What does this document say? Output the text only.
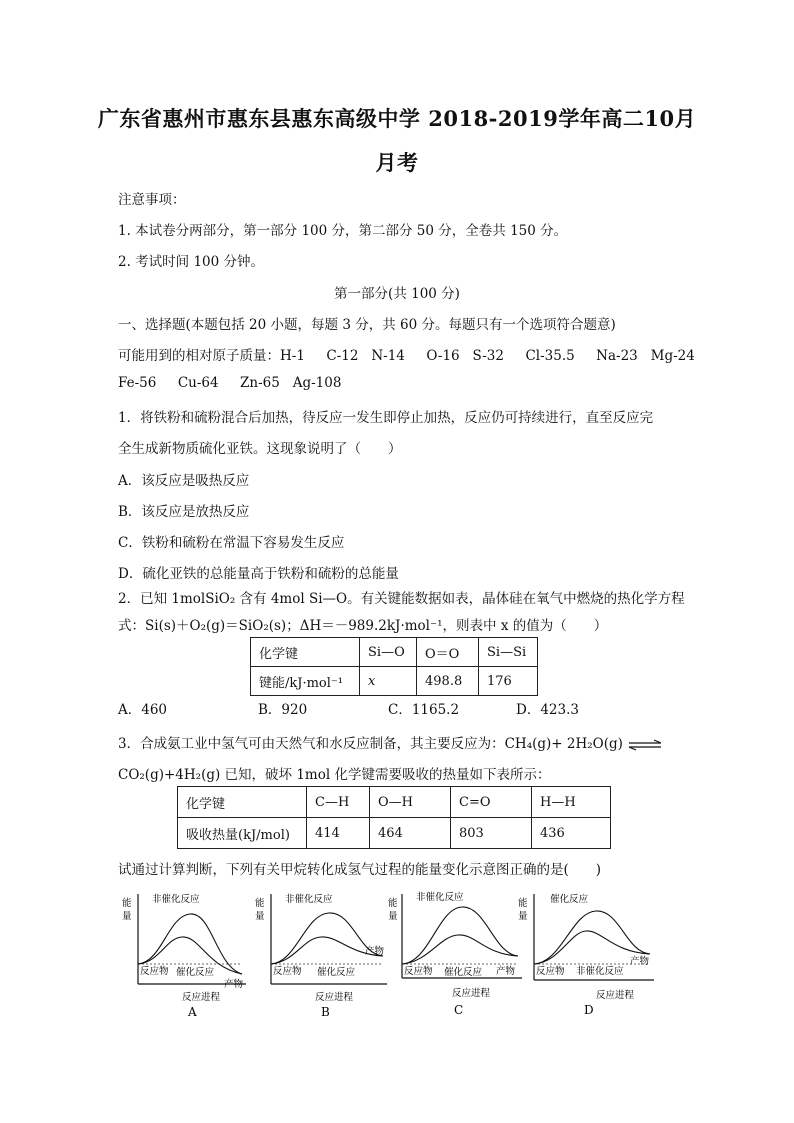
广东省惠州市惠东县惠东高级中学 2018-2019学年高二10月
月考
注意事项：
1. 本试卷分两部分，第一部分 100 分，第二部分 50 分，全卷共 150 分。
2. 考试时间 100 分钟。
第一部分(共 100 分)
一、选择题(本题包括 20 小题，每题 3 分，共 60 分。每题只有一个选项符合题意)
可能用到的相对原子质量：H-1     C-12   N-14     O-16   S-32     Cl-35.5     Na-23   Mg-24
Fe-56     Cu-64     Zn-65   Ag-108
1．将铁粉和硫粉混合后加热，待反应一发生即停止加热，反应仍可持续进行，直至反应完
全生成新物质硫化亚铁。这现象说明了（　　）
A．该反应是吸热反应
B．该反应是放热反应
C．铁粉和硫粉在常温下容易发生反应
D．硫化亚铁的总能量高于铁粉和硫粉的总能量
2．已知 1molSiO₂ 含有 4mol Si—O。有关键能数据如表，晶体硅在氧气中燃烧的热化学方程
式：Si(s)＋O₂(g)＝SiO₂(s)；ΔH＝－989.2kJ·mol⁻¹，则表中 x 的值为（　　）
化学键	Si—O	O＝O	Si—Si
键能/kJ·mol⁻¹	x	498.8	176
A．460	B．920	C．1165.2	D．423.3
3．合成氨工业中氢气可由天然气和水反应制备，其主要反应为：CH₄(g)+ 2H₂O(g) ⇌
CO₂(g)+4H₂(g) 已知，破坏 1mol 化学键需要吸收的热量如下表所示：
化学键	C—H	O—H	C=O	H—H
吸收热量(kJ/mol)	414	464	803	436
试通过计算判断，下列有关甲烷转化成氢气过程的能量变化示意图正确的是(　　)
能
量
非催化反应
反应物 催化反应
产物
反应进程
A
能
量
非催化反应
反应物 催化反应
产物
反应进程
B
能
量
非催化反应
反应物 催化反应 产物
反应进程
C
能
量
催化反应
反应物 非催化反应
产物
反应进程
D
